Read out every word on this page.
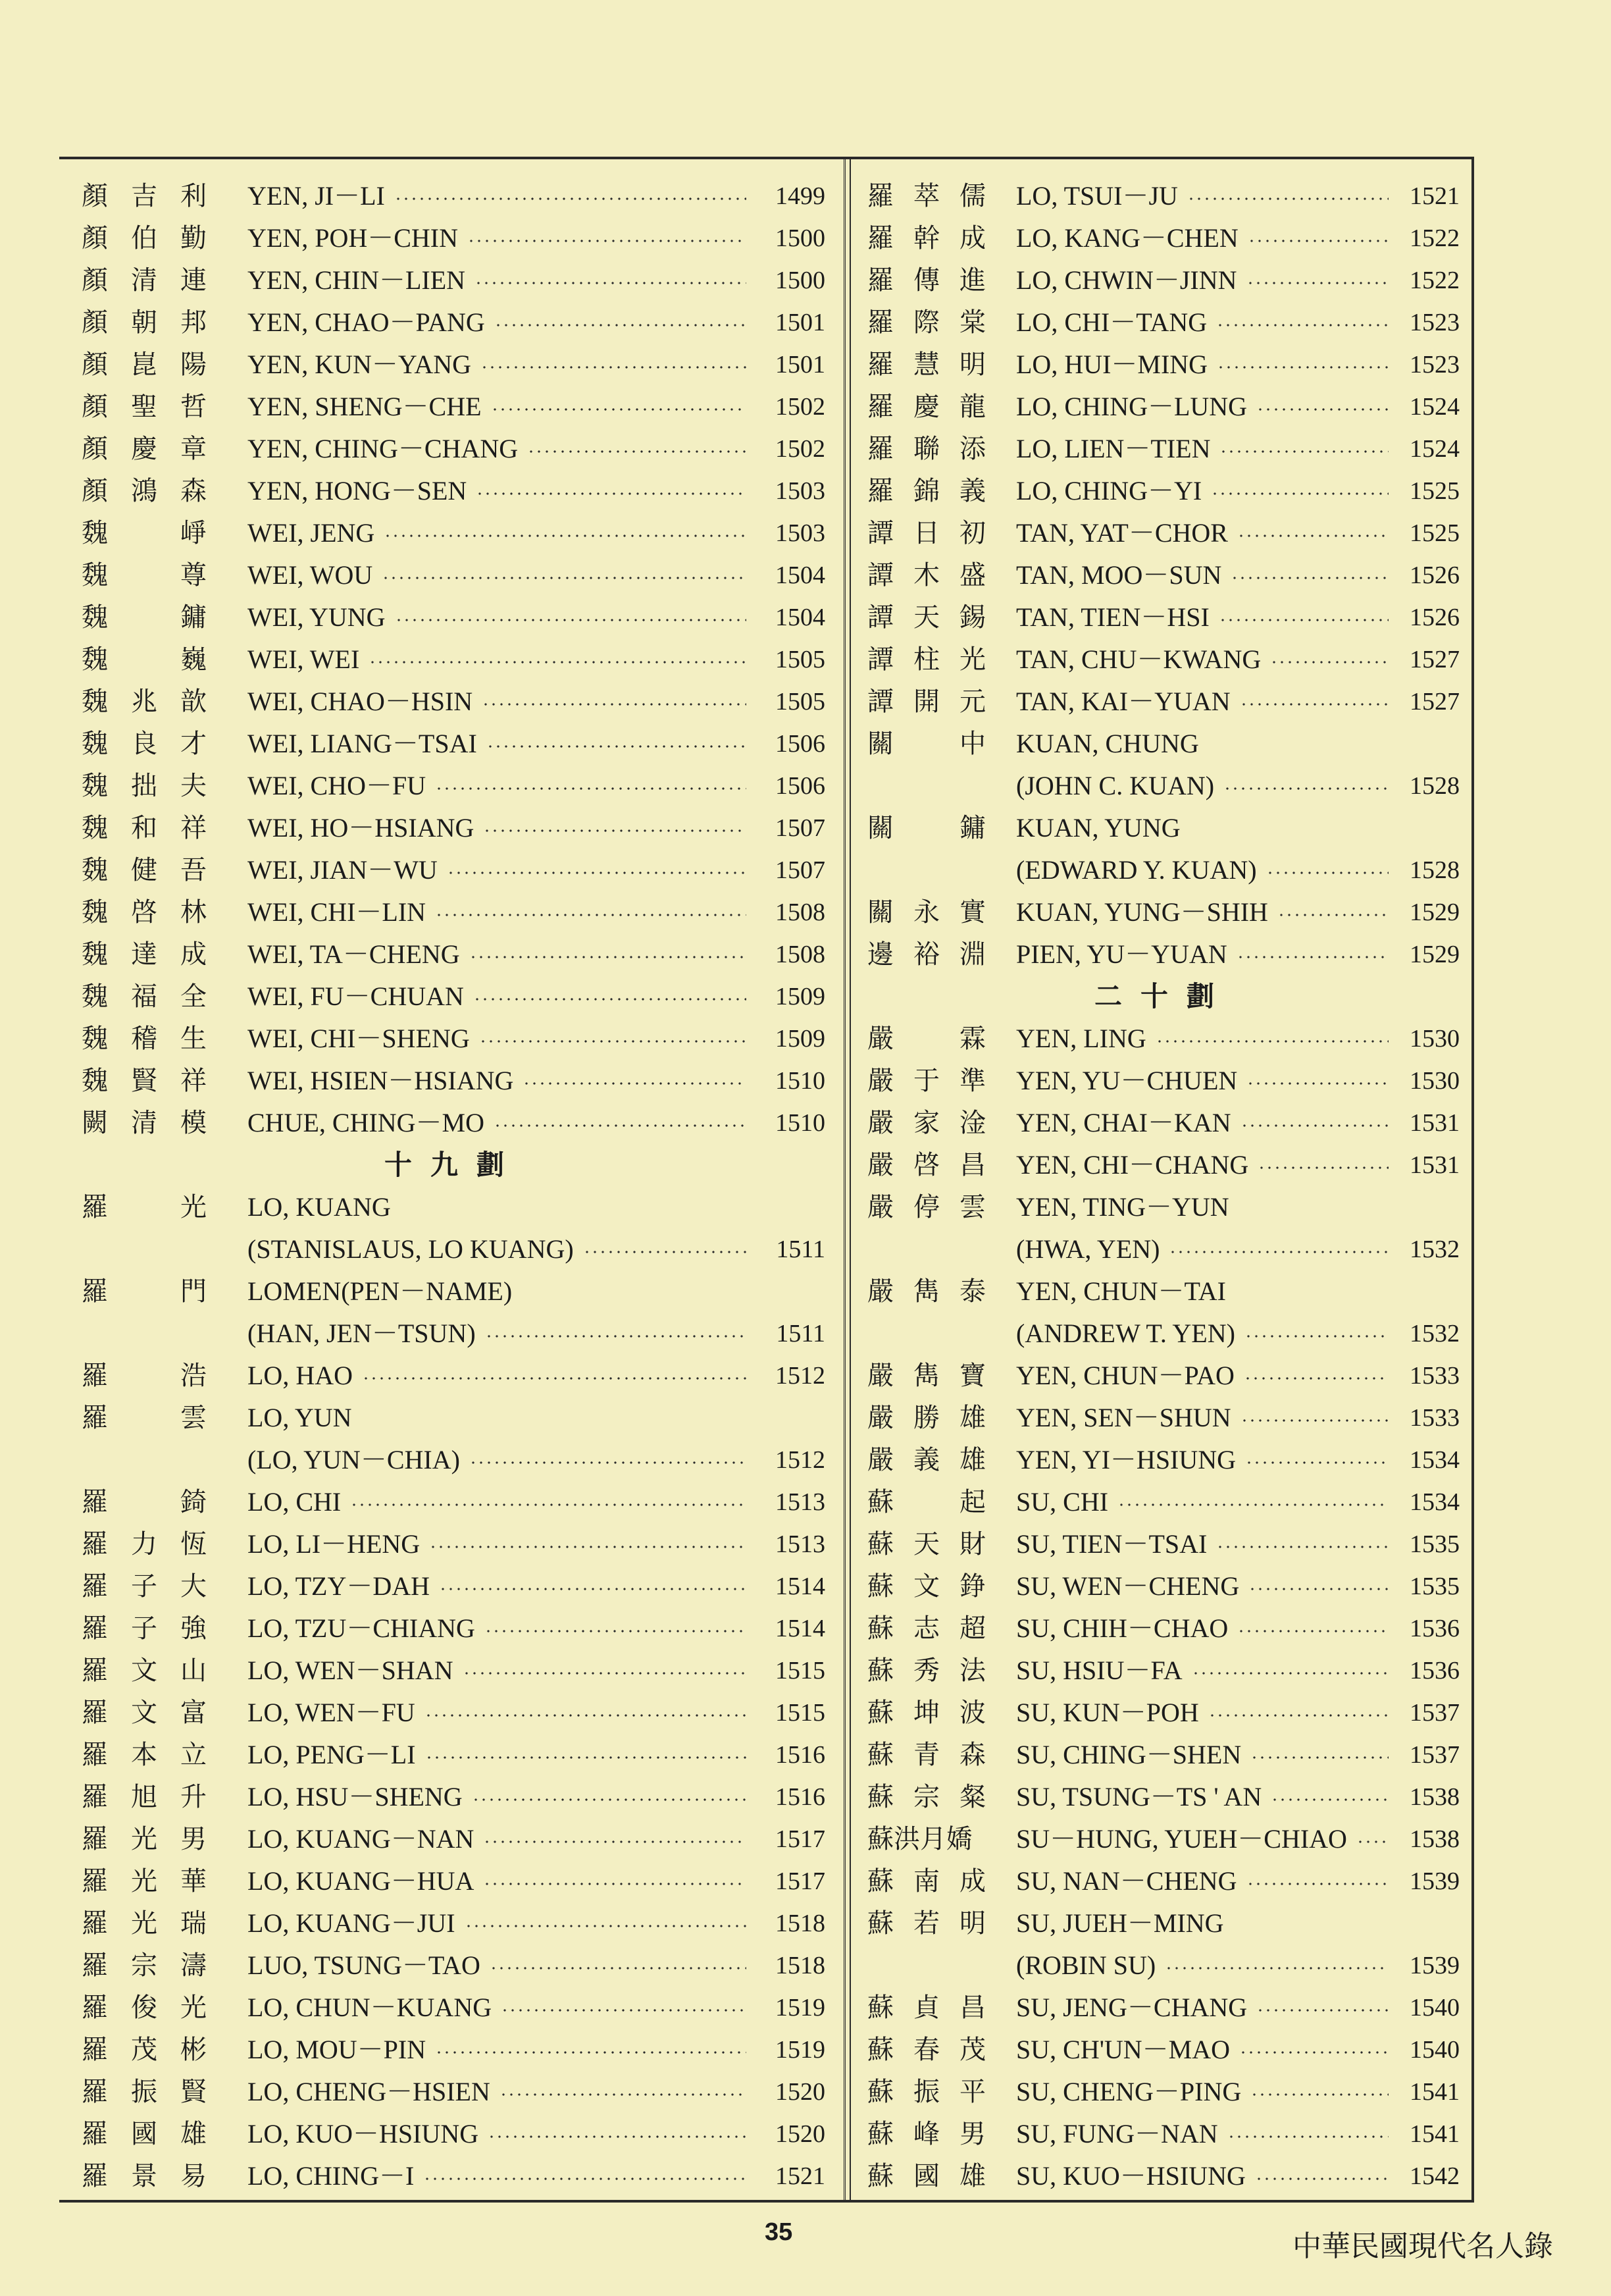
顏 吉 利 YEN, JI－LI	1499
顏 伯 勤 YEN, POH－CHIN	1500
顏 清 連 YEN, CHIN－LIEN	1500
顏 朝 邦 YEN, CHAO－PANG	1501
顏 崑 陽 YEN, KUN－YANG	1501
顏 聖 哲 YEN, SHENG－CHE	1502
顏 慶 章 YEN, CHING－CHANG	1502
顏 鴻 森 YEN, HONG－SEN	1503
魏	崢 WEI, JENG	1503
魏	尊 WEI, WOU	1504
魏	鏞 WEI, YUNG	1504
魏	巍 WEI, WEI	1505
魏 兆 歆 WEI, CHAO－HSIN	1505
魏 良 才 WEI, LIANG－TSAI	1506
魏 拙 夫 WEI, CHO－FU	1506
魏 和 祥 WEI, HO－HSIANG	1507
魏 健 吾 WEI, JIAN－WU	1507
魏 啓 林 WEI, CHI－LIN	1508
魏 達 成 WEI, TA－CHENG	1508
魏 福 全 WEI, FU－CHUAN	1509
魏 稽 生 WEI, CHI－SHENG	1509
魏 賢 祥 WEI, HSIEN－HSIANG	1510
闕 清 模 CHUE, CHING－MO	1510
十九劃
羅	光 LO, KUANG
(STANISLAUS, LO KUANG)	1511
羅	門 LOMEN(PEN－NAME)
(HAN, JEN－TSUN)	1511
羅	浩 LO, HAO	1512
羅	雲 LO, YUN
(LO, YUN－CHIA)	1512
羅	錡 LO, CHI	1513
羅 力 恆 LO, LI－HENG	1513
羅 子 大 LO, TZY－DAH	1514
羅 子 強 LO, TZU－CHIANG	1514
羅 文 山 LO, WEN－SHAN	1515
羅 文 富 LO, WEN－FU	1515
羅 本 立 LO, PENG－LI	1516
羅 旭 升 LO, HSU－SHENG	1516
羅 光 男 LO, KUANG－NAN	1517
羅 光 華 LO, KUANG－HUA	1517
羅 光 瑞 LO, KUANG－JUI	1518
羅 宗 濤 LUO, TSUNG－TAO	1518
羅 俊 光 LO, CHUN－KUANG	1519
羅 茂 彬 LO, MOU－PIN	1519
羅 振 賢 LO, CHENG－HSIEN	1520
羅 國 雄 LO, KUO－HSIUNG	1520
羅 景 易 LO, CHING－I	1521
羅 萃 儒 LO, TSUI－JU	1521
羅 幹 成 LO, KANG－CHEN	1522
羅 傳 進 LO, CHWIN－JINN	1522
羅 際 棠 LO, CHI－TANG	1523
羅 慧 明 LO, HUI－MING	1523
羅 慶 龍 LO, CHING－LUNG	1524
羅 聯 添 LO, LIEN－TIEN	1524
羅 錦 義 LO, CHING－YI	1525
譚 日 初 TAN, YAT－CHOR	1525
譚 木 盛 TAN, MOO－SUN	1526
譚 天 錫 TAN, TIEN－HSI	1526
譚 柱 光 TAN, CHU－KWANG	1527
譚 開 元 TAN, KAI－YUAN	1527
關	中 KUAN, CHUNG
(JOHN C. KUAN)	1528
關	鏞 KUAN, YUNG
(EDWARD Y. KUAN)	1528
關 永 實 KUAN, YUNG－SHIH	1529
邊 裕 淵 PIEN, YU－YUAN	1529
二十劃
嚴	霖 YEN, LING	1530
嚴 于 準 YEN, YU－CHUEN	1530
嚴 家 淦 YEN, CHAI－KAN	1531
嚴 啓 昌 YEN, CHI－CHANG	1531
嚴 停 雲 YEN, TING－YUN
(HWA, YEN)	1532
嚴 雋 泰 YEN, CHUN－TAI
(ANDREW T. YEN)	1532
嚴 雋 寶 YEN, CHUN－PAO	1533
嚴 勝 雄 YEN, SEN－SHUN	1533
嚴 義 雄 YEN, YI－HSIUNG	1534
蘇	起 SU, CHI	1534
蘇 天 財 SU, TIEN－TSAI	1535
蘇 文 錚 SU, WEN－CHENG	1535
蘇 志 超 SU, CHIH－CHAO	1536
蘇 秀 法 SU, HSIU－FA	1536
蘇 坤 波 SU, KUN－POH	1537
蘇 青 森 SU, CHING－SHEN	1537
蘇 宗 粲 SU, TSUNG－TS ' AN	1538
蘇洪月嬌 SU－HUNG, YUEH－CHIAO	1538
蘇 南 成 SU, NAN－CHENG	1539
蘇 若 明 SU, JUEH－MING
(ROBIN SU)	1539
蘇 貞 昌 SU, JENG－CHANG	1540
蘇 春 茂 SU, CH'UN－MAO	1540
蘇 振 平 SU, CHENG－PING	1541
蘇 峰 男 SU, FUNG－NAN	1541
蘇 國 雄 SU, KUO－HSIUNG	1542
35	中華民國現代名人錄
